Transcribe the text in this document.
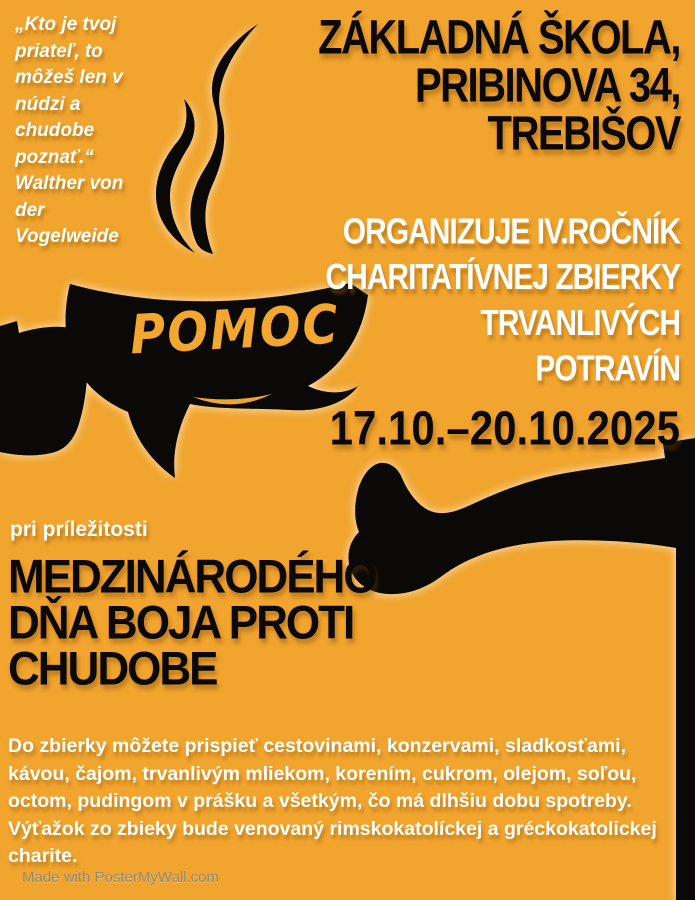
„Kto je tvoj
priateľ, to
môžeš len v
núdzi a
chudobe
poznať.“
Walther von
der
Vogelweide
ZÁKLADNÁ ŠKOLA,
PRIBINOVA 34,
TREBIŠOV
ORGANIZUJE IV.ROČNÍK
CHARITATÍVNEJ ZBIERKY
TRVANLIVÝCH
POTRAVÍN
17.10.–20.10.2025
POMOC
pri príležitosti
MEDZINÁRODÉHO
DŇA BOJA PROTI
CHUDOBE
Do zbierky môžete prispieť cestovinami, konzervami, sladkosťami, kávou, čajom, trvanlivým mliekom, korením, cukrom, olejom, soľou, octom, pudingom v prášku a všetkým, čo má dlhšiu dobu spotreby. Výťažok zo zbieky bude venovaný rimskokatolíckej a gréckokatolickej charite.
Made with PosterMyWall.com
